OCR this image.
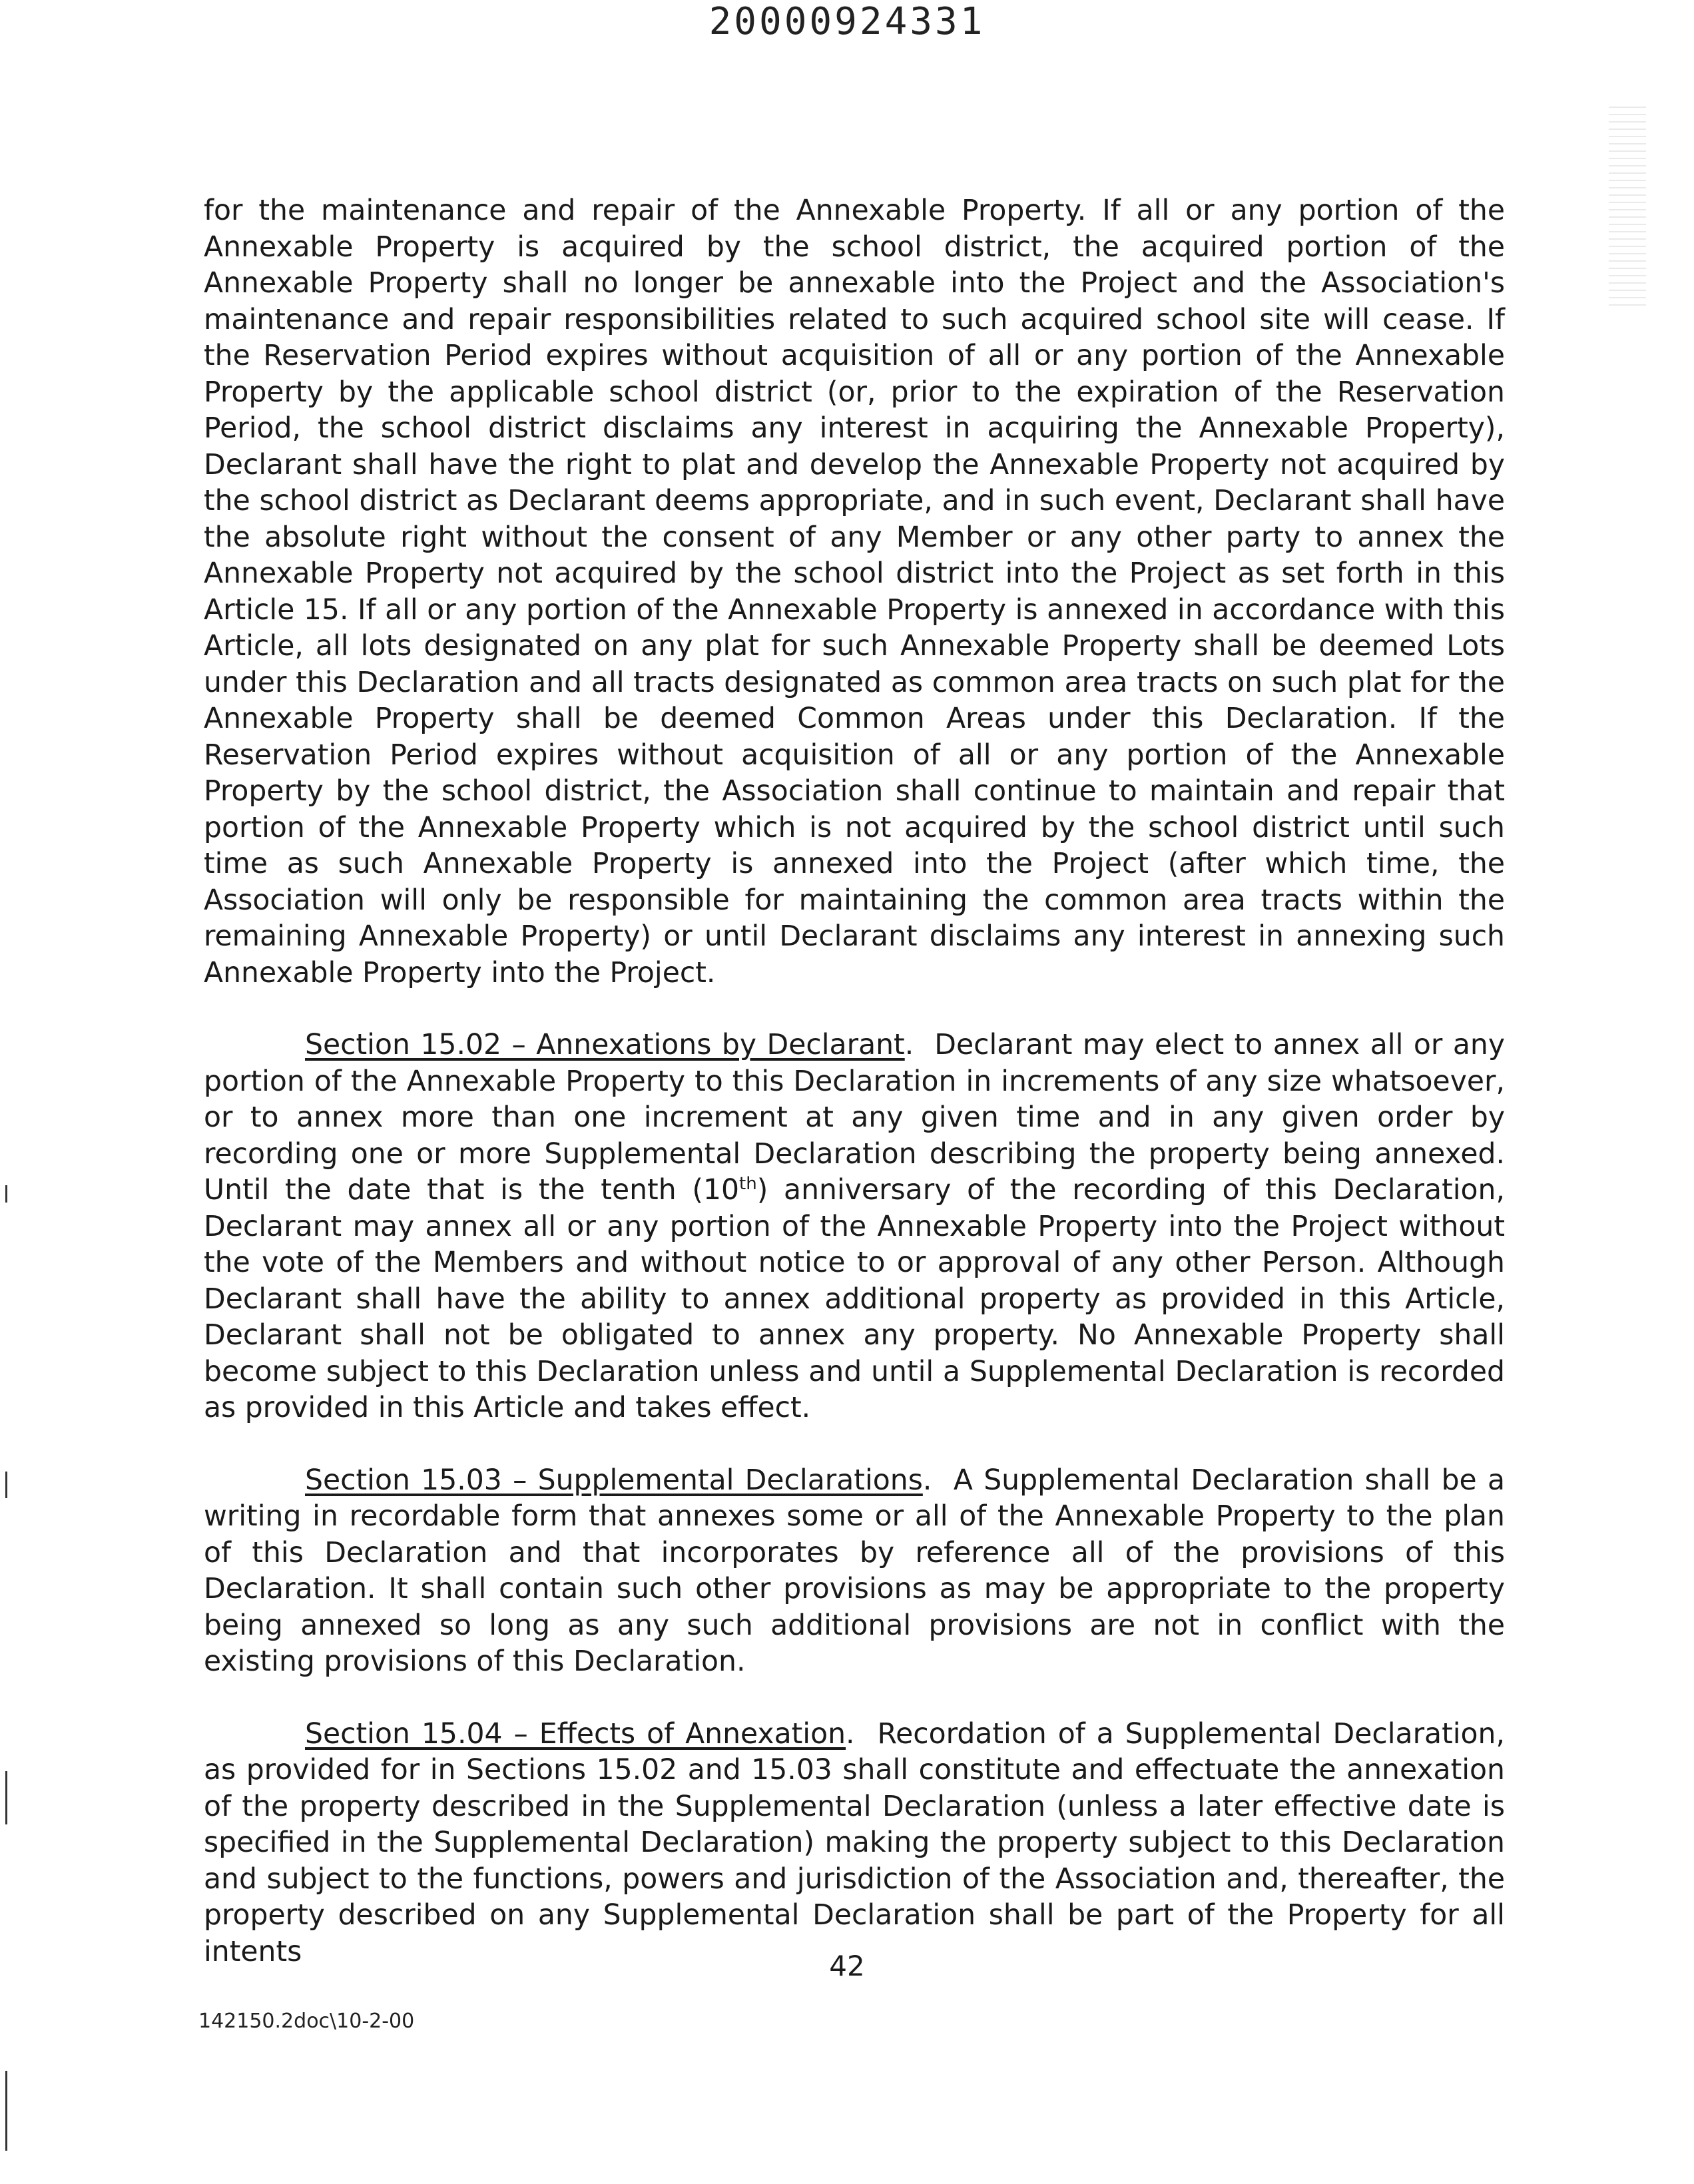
20000924331

for the maintenance and repair of the Annexable Property. If all or any portion of the Annexable Property is acquired by the school district, the acquired portion of the Annexable Property shall no longer be annexable into the Project and the Association's maintenance and repair responsibilities related to such acquired school site will cease. If the Reservation Period expires without acquisition of all or any portion of the Annexable Property by the applicable school district (or, prior to the expiration of the Reservation Period, the school district disclaims any interest in acquiring the Annexable Property), Declarant shall have the right to plat and develop the Annexable Property not acquired by the school district as Declarant deems appropriate, and in such event, Declarant shall have the absolute right without the consent of any Member or any other party to annex the Annexable Property not acquired by the school district into the Project as set forth in this Article 15. If all or any portion of the Annexable Property is annexed in accordance with this Article, all lots designated on any plat for such Annexable Property shall be deemed Lots under this Declaration and all tracts designated as common area tracts on such plat for the Annexable Property shall be deemed Common Areas under this Declaration. If the Reservation Period expires without acquisition of all or any portion of the Annexable Property by the school district, the Association shall continue to maintain and repair that portion of the Annexable Property which is not acquired by the school district until such time as such Annexable Property is annexed into the Project (after which time, the Association will only be responsible for maintaining the common area tracts within the remaining Annexable Property) or until Declarant disclaims any interest in annexing such Annexable Property into the Project.

Section 15.02 – Annexations by Declarant.  Declarant may elect to annex all or any portion of the Annexable Property to this Declaration in increments of any size whatsoever, or to annex more than one increment at any given time and in any given order by recording one or more Supplemental Declaration describing the property being annexed. Until the date that is the tenth (10th) anniversary of the recording of this Declaration, Declarant may annex all or any portion of the Annexable Property into the Project without the vote of the Members and without notice to or approval of any other Person. Although Declarant shall have the ability to annex additional property as provided in this Article, Declarant shall not be obligated to annex any property. No Annexable Property shall become subject to this Declaration unless and until a Supplemental Declaration is recorded as provided in this Article and takes effect.

Section 15.03 – Supplemental Declarations.  A Supplemental Declaration shall be a writing in recordable form that annexes some or all of the Annexable Property to the plan of this Declaration and that incorporates by reference all of the provisions of this Declaration. It shall contain such other provisions as may be appropriate to the property being annexed so long as any such additional provisions are not in conflict with the existing provisions of this Declaration.

Section 15.04 – Effects of Annexation.  Recordation of a Supplemental Declaration, as provided for in Sections 15.02 and 15.03 shall constitute and effectuate the annexation of the property described in the Supplemental Declaration (unless a later effective date is specified in the Supplemental Declaration) making the property subject to this Declaration and subject to the functions, powers and jurisdiction of the Association and, thereafter, the property described on any Supplemental Declaration shall be part of the Property for all intents	42
142150.2doc\10-2-00
